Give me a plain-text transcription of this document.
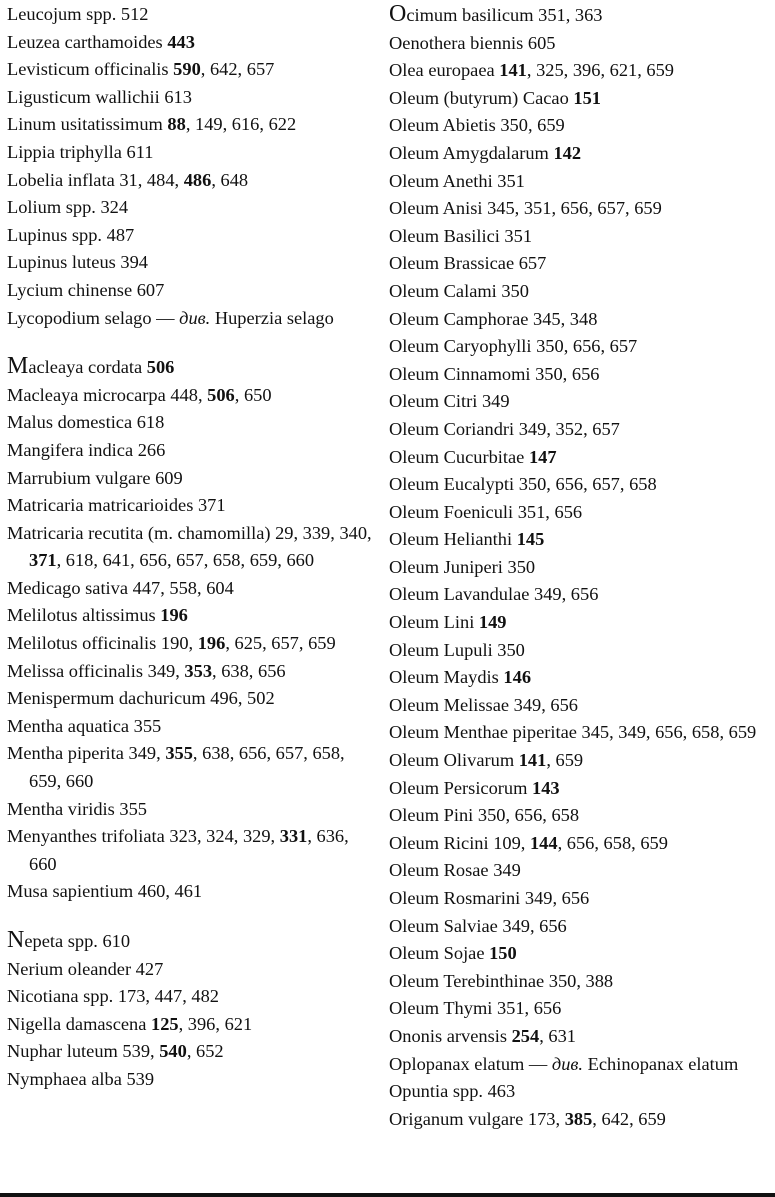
Leucojum spp. 512
Leuzea carthamoides 443
Levisticum officinalis 590, 642, 657
Ligusticum wallichii 613
Linum usitatissimum 88, 149, 616, 622
Lippia triphylla 611
Lobelia inflata 31, 484, 486, 648
Lolium spp. 324
Lupinus spp. 487
Lupinus luteus 394
Lycium chinense 607
Lycopodium selago — див. Huperzia selago
Macleaya cordata 506
Macleaya microcarpa 448, 506, 650
Malus domestica 618
Mangifera indica 266
Marrubium vulgare 609
Matricaria matricarioides 371
Matricaria recutita (m. chamomilla) 29, 339, 340, 371, 618, 641, 656, 657, 658, 659, 660
Medicago sativa 447, 558, 604
Melilotus altissimus 196
Melilotus officinalis 190, 196, 625, 657, 659
Melissa officinalis 349, 353, 638, 656
Menispermum dachuricum 496, 502
Mentha aquatica 355
Mentha piperita 349, 355, 638, 656, 657, 658, 659, 660
Mentha viridis 355
Menyanthes trifoliata 323, 324, 329, 331, 636, 660
Musa sapientium 460, 461
Nepeta spp. 610
Nerium oleander 427
Nicotiana spp. 173, 447, 482
Nigella damascena 125, 396, 621
Nuphar luteum 539, 540, 652
Nymphaea alba 539
Ocimum basilicum 351, 363
Oenothera biennis 605
Olea europaea 141, 325, 396, 621, 659
Oleum (butyrum) Cacao 151
Oleum Abietis 350, 659
Oleum Amygdalarum 142
Oleum Anethi 351
Oleum Anisi 345, 351, 656, 657, 659
Oleum Basilici 351
Oleum Brassicae 657
Oleum Calami 350
Oleum Camphorae 345, 348
Oleum Caryophylli 350, 656, 657
Oleum Cinnamomi 350, 656
Oleum Citri 349
Oleum Coriandri 349, 352, 657
Oleum Cucurbitae 147
Oleum Eucalypti 350, 656, 657, 658
Oleum Foeniculi 351, 656
Oleum Helianthi 145
Oleum Juniperi 350
Oleum Lavandulae 349, 656
Oleum Lini 149
Oleum Lupuli 350
Oleum Maydis 146
Oleum Melissae 349, 656
Oleum Menthae piperitae 345, 349, 656, 658, 659
Oleum Olivarum 141, 659
Oleum Persicorum 143
Oleum Pini 350, 656, 658
Oleum Ricini 109, 144, 656, 658, 659
Oleum Rosae 349
Oleum Rosmarini 349, 656
Oleum Salviae 349, 656
Oleum Sojae 150
Oleum Terebinthinae 350, 388
Oleum Thymi 351, 656
Ononis arvensis 254, 631
Oplopanax elatum — див. Echinopanax elatum
Opuntia spp. 463
Origanum vulgare 173, 385, 642, 659
